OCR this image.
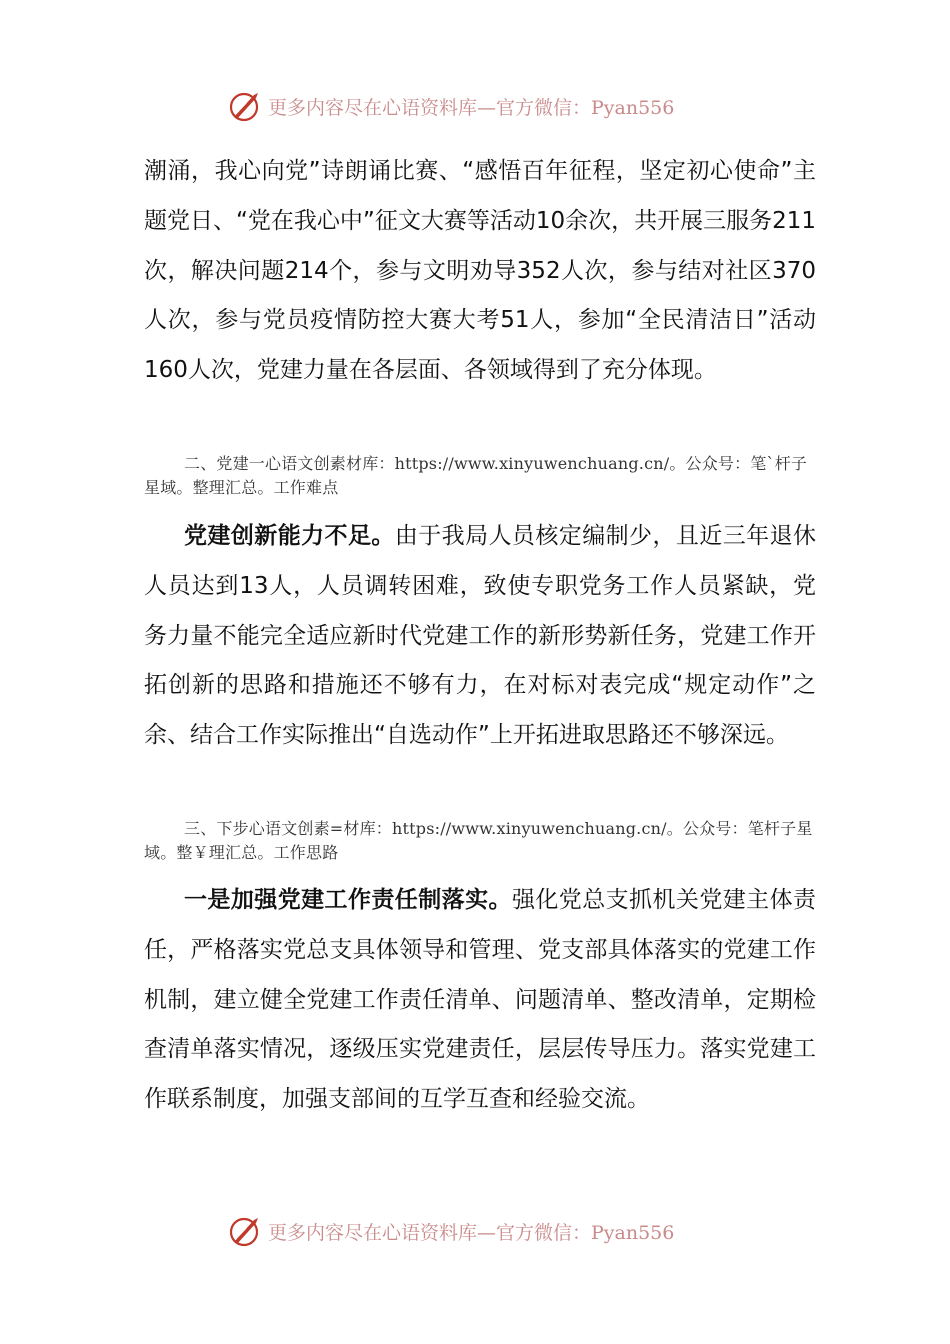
更多内容尽在心语资料库—官方微信：Pyan556

潮涌，我心向党”诗朗诵比赛、“感悟百年征程，坚定初心使命”主题党日、“党在我心中”征文大赛等活动10余次，共开展三服务211次，解决问题214个，参与文明劝导352人次，参与结对社区370人次，参与党员疫情防控大赛大考51人，参加“全民清洁日”活动160人次，党建力量在各层面、各领域得到了充分体现。

二、党建一心语文创素材库：https://www.xinyuwenchuang.cn/。公众号：笔`杆子星域。整理汇总。工作难点

党建创新能力不足。由于我局人员核定编制少，且近三年退休人员达到13人，人员调转困难，致使专职党务工作人员紧缺，党务力量不能完全适应新时代党建工作的新形势新任务，党建工作开拓创新的思路和措施还不够有力，在对标对表完成“规定动作”之余、结合工作实际推出“自选动作”上开拓进取思路还不够深远。

三、下步心语文创素=材库：https://www.xinyuwenchuang.cn/。公众号：笔杆子星域。整￥理汇总。工作思路

一是加强党建工作责任制落实。强化党总支抓机关党建主体责任，严格落实党总支具体领导和管理、党支部具体落实的党建工作机制，建立健全党建工作责任清单、问题清单、整改清单，定期检查清单落实情况，逐级压实党建责任，层层传导压力。落实党建工作联系制度，加强支部间的互学互查和经验交流。

更多内容尽在心语资料库—官方微信：Pyan556
